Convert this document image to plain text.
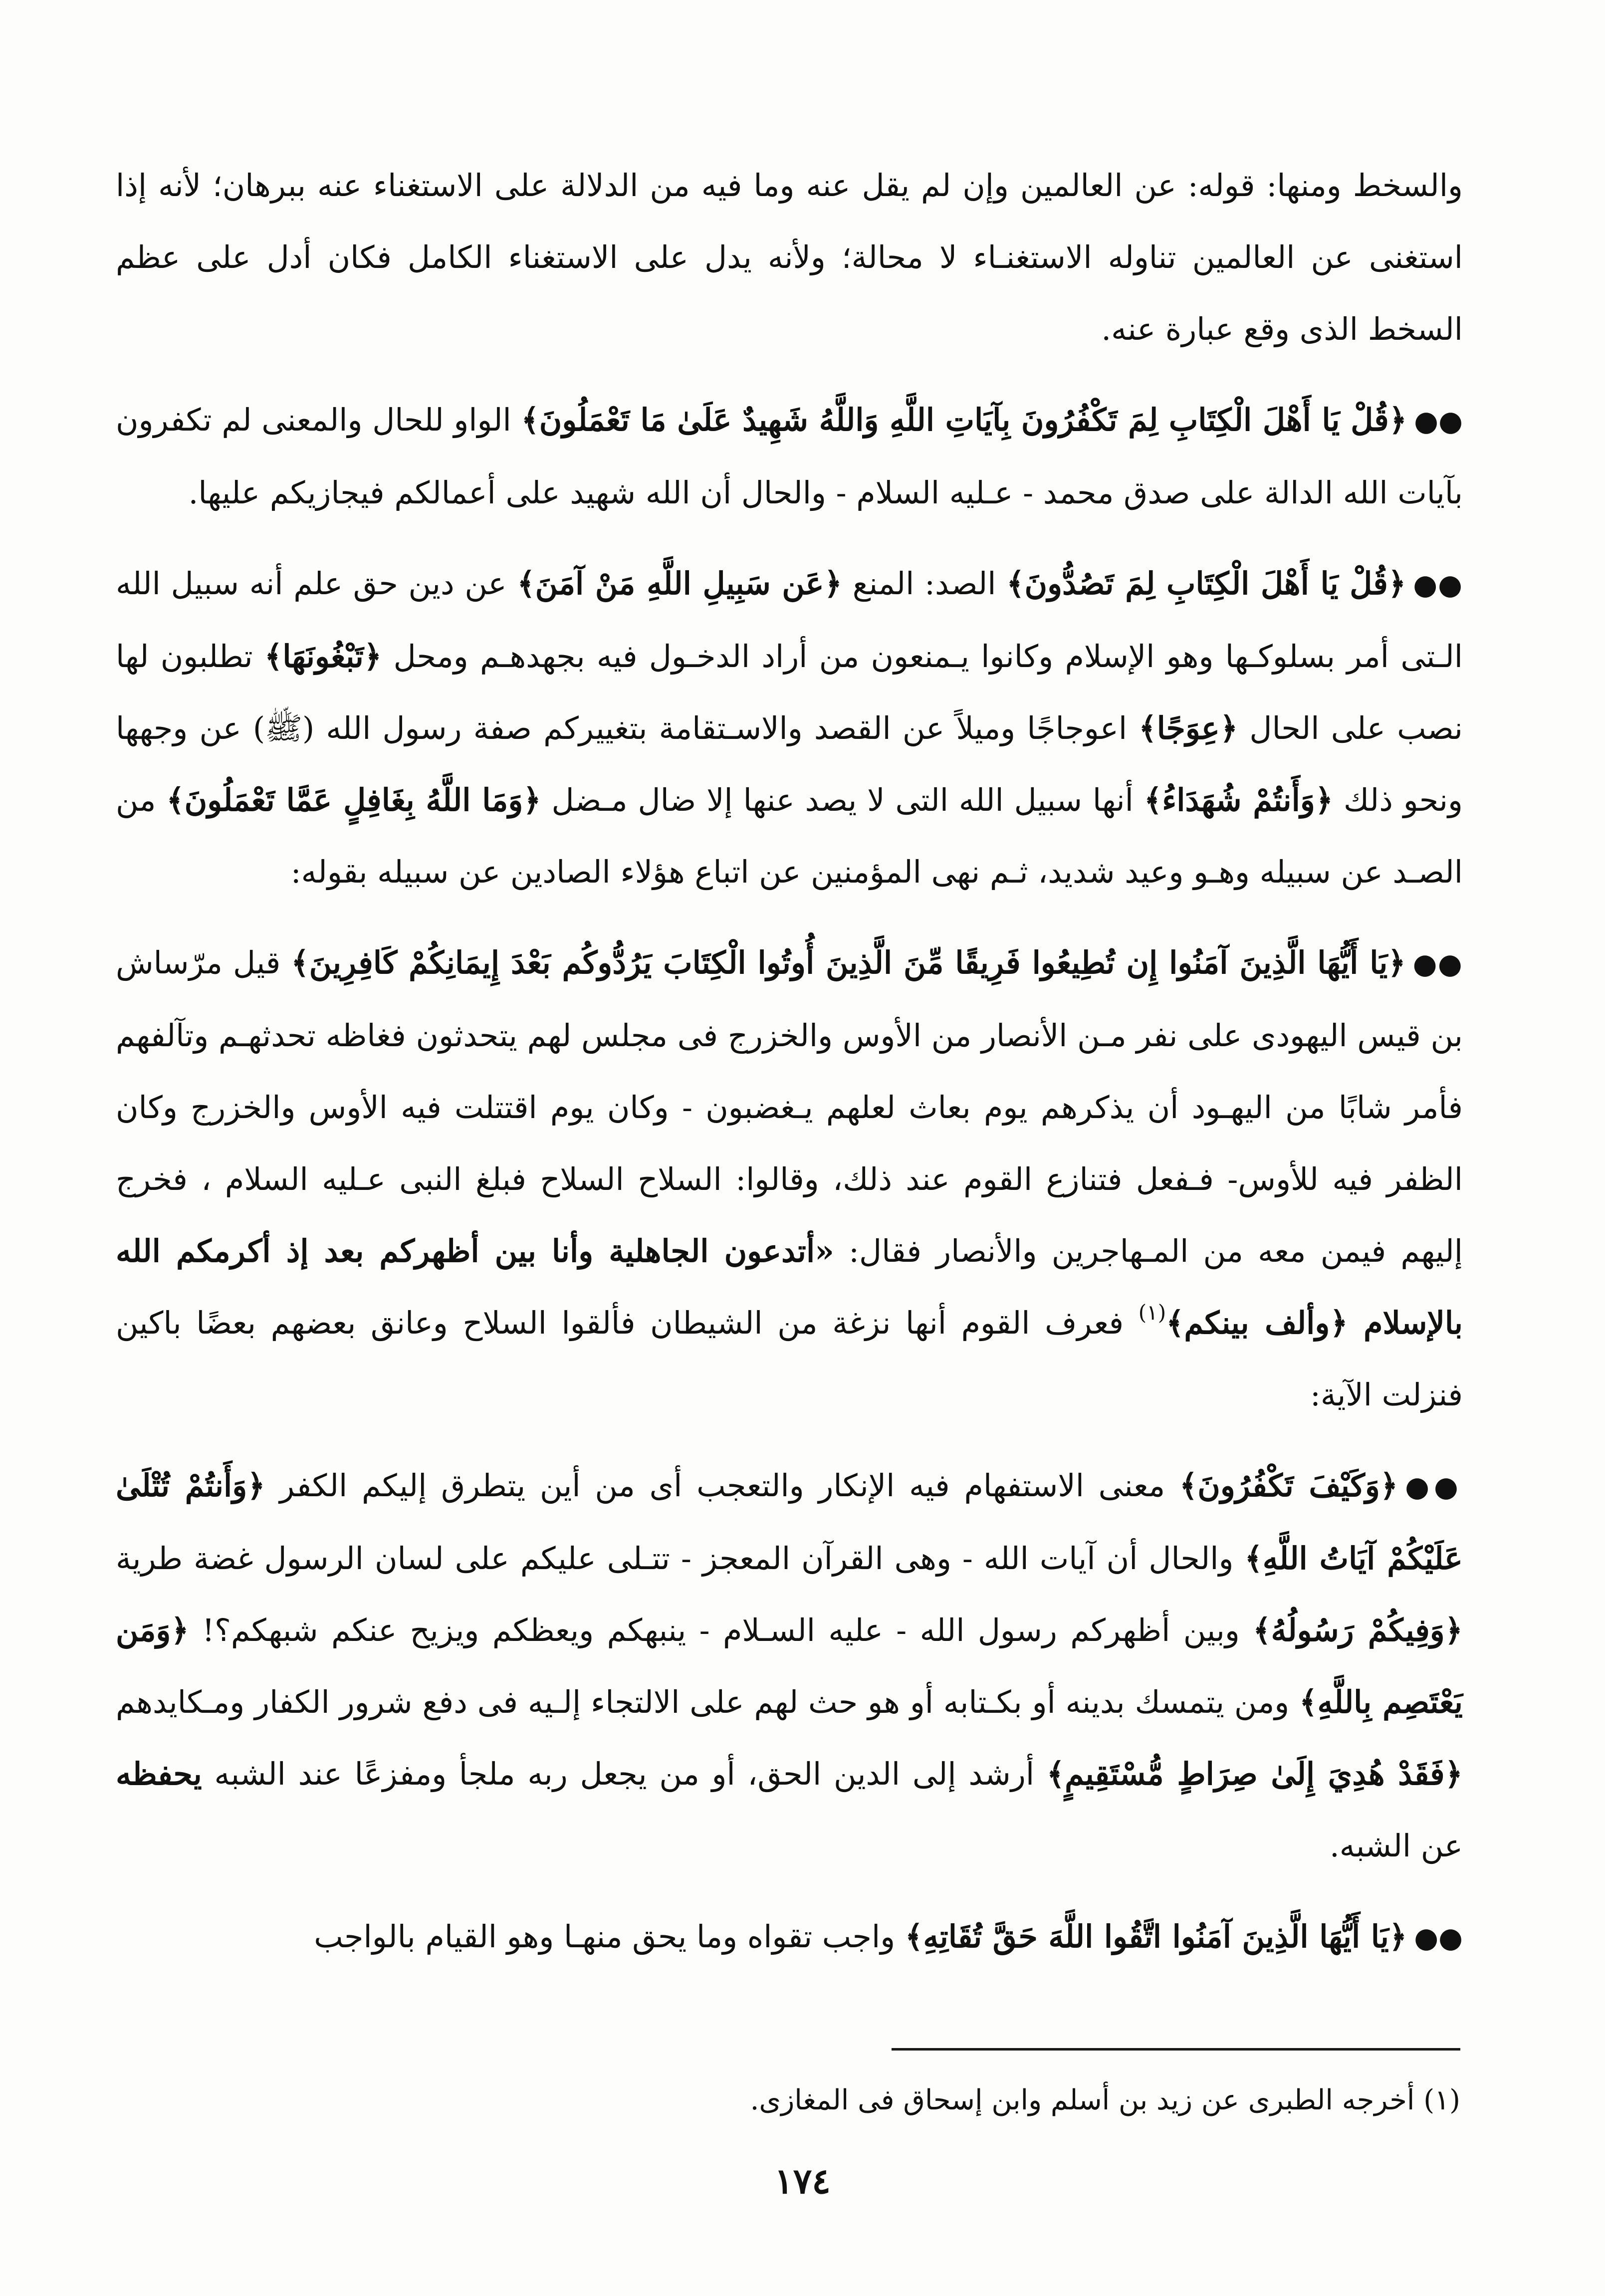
والسخط ومنها: قوله: عن العالمين وإن لم يقل عنه وما فيه من الدلالة على الاستغناء عنه ببرهان؛ لأنه إذا استغنى عن العالمين تناوله الاستغنـاء لا محالة؛ ولأنه يدل على الاستغناء الكامل فكان أدل على عظم السخط الذى وقع عبارة عنه.

●●﴿قُلْ يَا أَهْلَ الْكِتَابِ لِمَ تَكْفُرُونَ بِآيَاتِ اللَّهِ وَاللَّهُ شَهِيدٌ عَلَىٰ مَا تَعْمَلُونَ﴾ الواو للحال والمعنى لم تكفرون بآيات الله الدالة على صدق محمد - عـليه السلام - والحال أن الله شهيد على أعمالكم فيجازيكم عليها.

●●﴿قُلْ يَا أَهْلَ الْكِتَابِ لِمَ تَصُدُّونَ﴾ الصد: المنع ﴿عَن سَبِيلِ اللَّهِ مَنْ آمَنَ﴾ عن دين حق علم أنه سبيل الله الـتى أمر بسلوكـها وهو الإسلام وكانوا يـمنعون من أراد الدخـول فيه بجهدهـم ومحل ﴿تَبْغُونَهَا﴾ تطلبون لها نصب على الحال ﴿عِوَجًا﴾ اعوجاجًا وميلاً عن القصد والاسـتقامة بتغييركم صفة رسول الله (ﷺ) عن وجهها ونحو ذلك ﴿وَأَنتُمْ شُهَدَاءُ﴾ أنها سبيل الله التى لا يصد عنها إلا ضال مـضل ﴿وَمَا اللَّهُ بِغَافِلٍ عَمَّا تَعْمَلُونَ﴾ من الصـد عن سبيله وهـو وعيد شديد، ثـم نهى المؤمنين عن اتباع هؤلاء الصادين عن سبيله بقوله:

●●﴿يَا أَيُّهَا الَّذِينَ آمَنُوا إِن تُطِيعُوا فَرِيقًا مِّنَ الَّذِينَ أُوتُوا الْكِتَابَ يَرُدُّوكُم بَعْدَ إِيمَانِكُمْ كَافِرِينَ﴾ قيل مرّساش بن قيس اليهودى على نفر مـن الأنصار من الأوس والخزرج فى مجلس لهم يتحدثون فغاظه تحدثهـم وتآلفهم فأمر شابًا من اليهـود أن يذكرهم يوم بعاث لعلهم يـغضبون - وكان يوم اقتتلت فيه الأوس والخزرج وكان الظفر فيه للأوس- فـفعل فتنازع القوم عند ذلك، وقالوا: السلاح السلاح فبلغ النبى عـليه السلام ، فخرج إليهم فيمن معه من المـهاجرين والأنصار فقال: «أتدعون الجاهلية وأنا بين أظهركم بعد إذ أكرمكم الله بالإسلام ﴿وألف بينكم﴾$^{(١)}$ فعرف القوم أنها نزغة من الشيطان فألقوا السلاح وعانق بعضهم بعضًا باكين فنزلت الآية:

●●﴿وَكَيْفَ تَكْفُرُونَ﴾ معنى الاستفهام فيه الإنكار والتعجب أى من أين يتطرق إليكم الكفر ﴿وَأَنتُمْ تُتْلَىٰ عَلَيْكُمْ آيَاتُ اللَّهِ﴾ والحال أن آيات الله - وهى القرآن المعجز - تتـلى عليكم على لسان الرسول غضة طرية ﴿وَفِيكُمْ رَسُولُهُ﴾ وبين أظهركم رسول الله - عليه السـلام - ينبهكم ويعظكم ويزيح عنكم شبهكم؟! ﴿وَمَن يَعْتَصِم بِاللَّهِ﴾ ومن يتمسك بدينه أو بكـتابه أو هو حث لهم على الالتجاء إلـيه فى دفع شرور الكفار ومـكايدهم ﴿فَقَدْ هُدِيَ إِلَىٰ صِرَاطٍ مُّسْتَقِيمٍ﴾ أرشد إلى الدين الحق، أو من يجعل ربه ملجأ ومفزعًا عند الشبه يحفظه عن الشبه.

●●﴿يَا أَيُّهَا الَّذِينَ آمَنُوا اتَّقُوا اللَّهَ حَقَّ تُقَاتِهِ﴾ واجب تقواه وما يحق منهـا وهو القيام بالواجب

(١) أخرجه الطبرى عن زيد بن أسلم وابن إسحاق فى المغازى.

١٧٤
